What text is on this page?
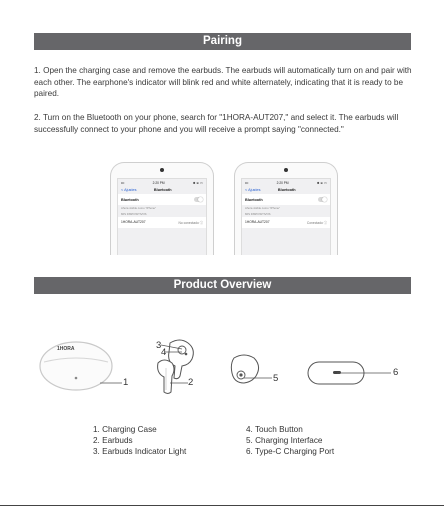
Pairing
1. Open the charging case and remove the earbuds. The earbuds will automatically turn on and pair with each other. The earphone's indicator will blink red and white alternately, indicating that it is ready to be paired.
2. Turn on the Bluetooth on your phone, search for "1HORA-AUT207," and select it. The earbuds will successfully connect to your phone and you will receive a prompt saying "connected."
•••	2:20 PM	✱ ⊕ ▭
< Ajustes	Bluetooth
Bluetooth
Ahora visible como "iPhone"
MIS DISPOSITIVOS
1HORA-AUT207	No conectado ⓘ
•••	2:20 PM	✱ ⊕ ▭
< Ajustes	Bluetooth
Bluetooth
Ahora visible como "iPhone"
MIS DISPOSITIVOS
1HORA-AUT207	Conectado ⓘ
Product Overview
1HORA
1
3
4
2	5
6
1. Charging Case
2. Earbuds
3. Earbuds Indicator Light
4. Touch Button
5. Charging Interface
6. Type-C Charging Port
